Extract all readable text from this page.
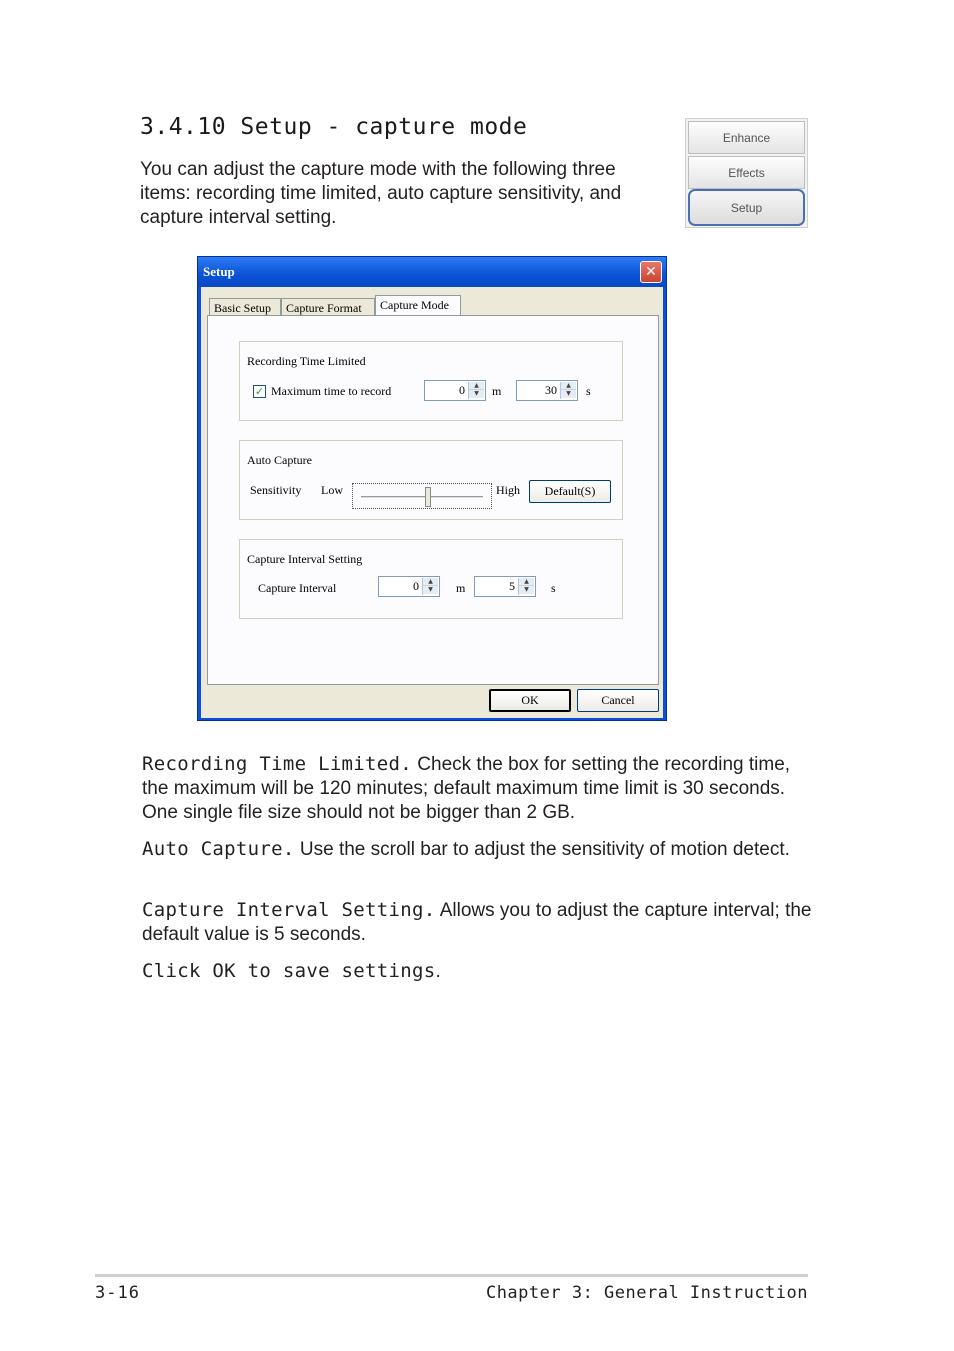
3.4.10 Setup - capture mode
You can adjust the capture mode with the following three items: recording time limited, auto capture sensitivity, and capture interval setting.
Enhance
Effects
Setup
Setup	✕
Basic Setup	Capture Format	Capture Mode
Recording Time Limited
✓ Maximum time to record	0	▲
▼	m	30	▲
▼	s
Auto Capture
Sensitivity Low	High	Default(S)
Capture Interval Setting
Capture Interval	0	▲
▼	m	5	▲
▼	s
OK	Cancel
Recording Time Limited. Check the box for setting the recording time, the maximum will be 120 minutes; default maximum time limit is 30 seconds. One single file size should not be bigger than 2 GB.
Auto Capture. Use the scroll bar to adjust the sensitivity of motion detect.
Capture Interval Setting. Allows you to adjust the capture interval; the default value is 5 seconds.
Click OK to save settings.
3-16	Chapter 3: General Instruction
